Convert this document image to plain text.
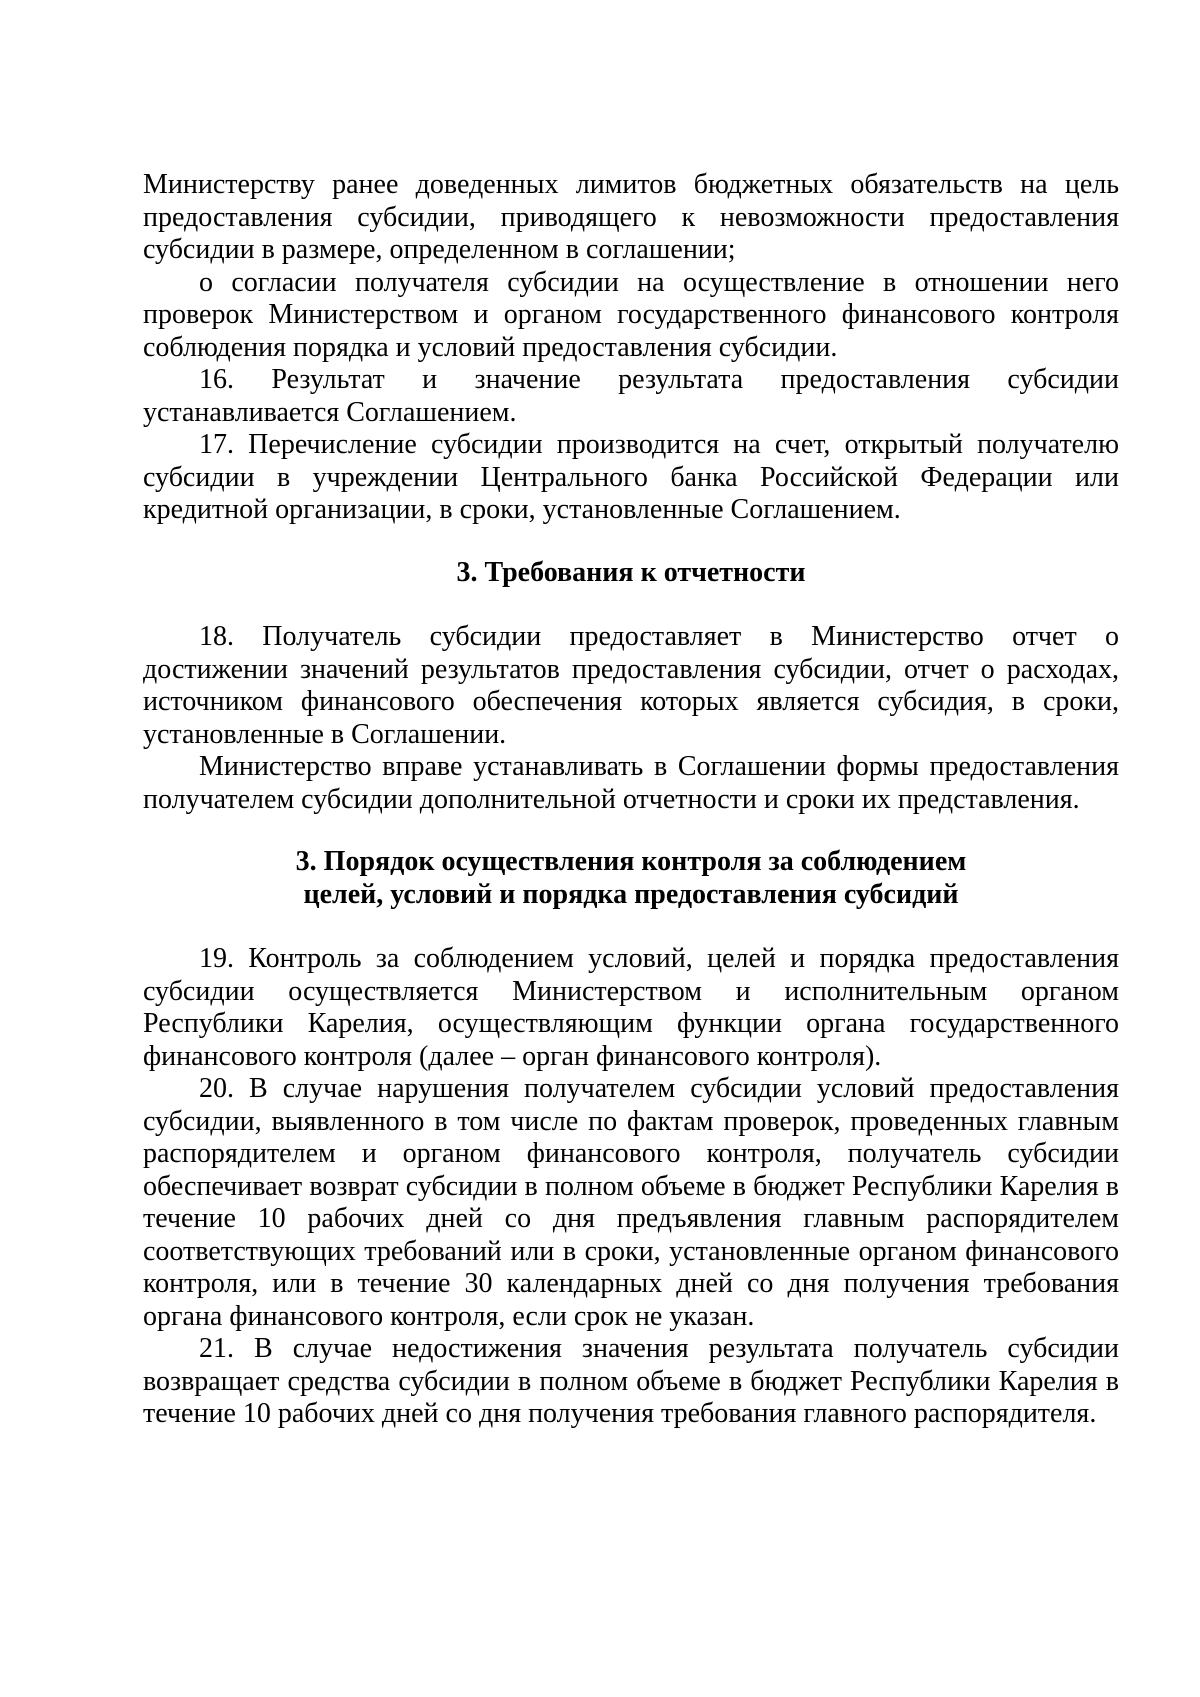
Министерству ранее доведенных лимитов бюджетных обязательств на цель предоставления субсидии, приводящего к невозможности предоставления субсидии в размере, определенном в соглашении;

о согласии получателя субсидии на осуществление в отношении него проверок Министерством и органом государственного финансового контроля соблюдения порядка и условий предоставления субсидии.

16. Результат и значение результата предоставления субсидии устанавливается Соглашением.

17. Перечисление субсидии производится на счет, открытый получателю субсидии в учреждении Центрального банка Российской Федерации или кредитной организации, в сроки, установленные Соглашением.

3. Требования к отчетности

18. Получатель субсидии предоставляет в Министерство отчет о достижении значений результатов предоставления субсидии, отчет о расходах, источником финансового обеспечения которых является субсидия, в сроки, установленные в Соглашении.

Министерство вправе устанавливать в Соглашении формы предоставления получателем субсидии дополнительной отчетности и сроки их представления.

3. Порядок осуществления контроля за соблюдением
целей, условий и порядка предоставления субсидий

19. Контроль за соблюдением условий, целей и порядка предоставления субсидии осуществляется Министерством и исполнительным органом Республики Карелия, осуществляющим функции органа государственного финансового контроля (далее – орган финансового контроля).

20. В случае нарушения получателем субсидии условий предоставления субсидии, выявленного в том числе по фактам проверок, проведенных главным распорядителем и органом финансового контроля, получатель субсидии обеспечивает возврат субсидии в полном объеме в бюджет Республики Карелия в течение 10 рабочих дней со дня предъявления главным распорядителем соответствующих требований или в сроки, установленные органом финансового контроля, или в течение 30 календарных дней со дня получения требования органа финансового контроля, если срок не указан.

21. В случае недостижения значения результата получатель субсидии возвращает средства субсидии в полном объеме в бюджет Республики Карелия в течение 10 рабочих дней со дня получения требования главного распорядителя.
